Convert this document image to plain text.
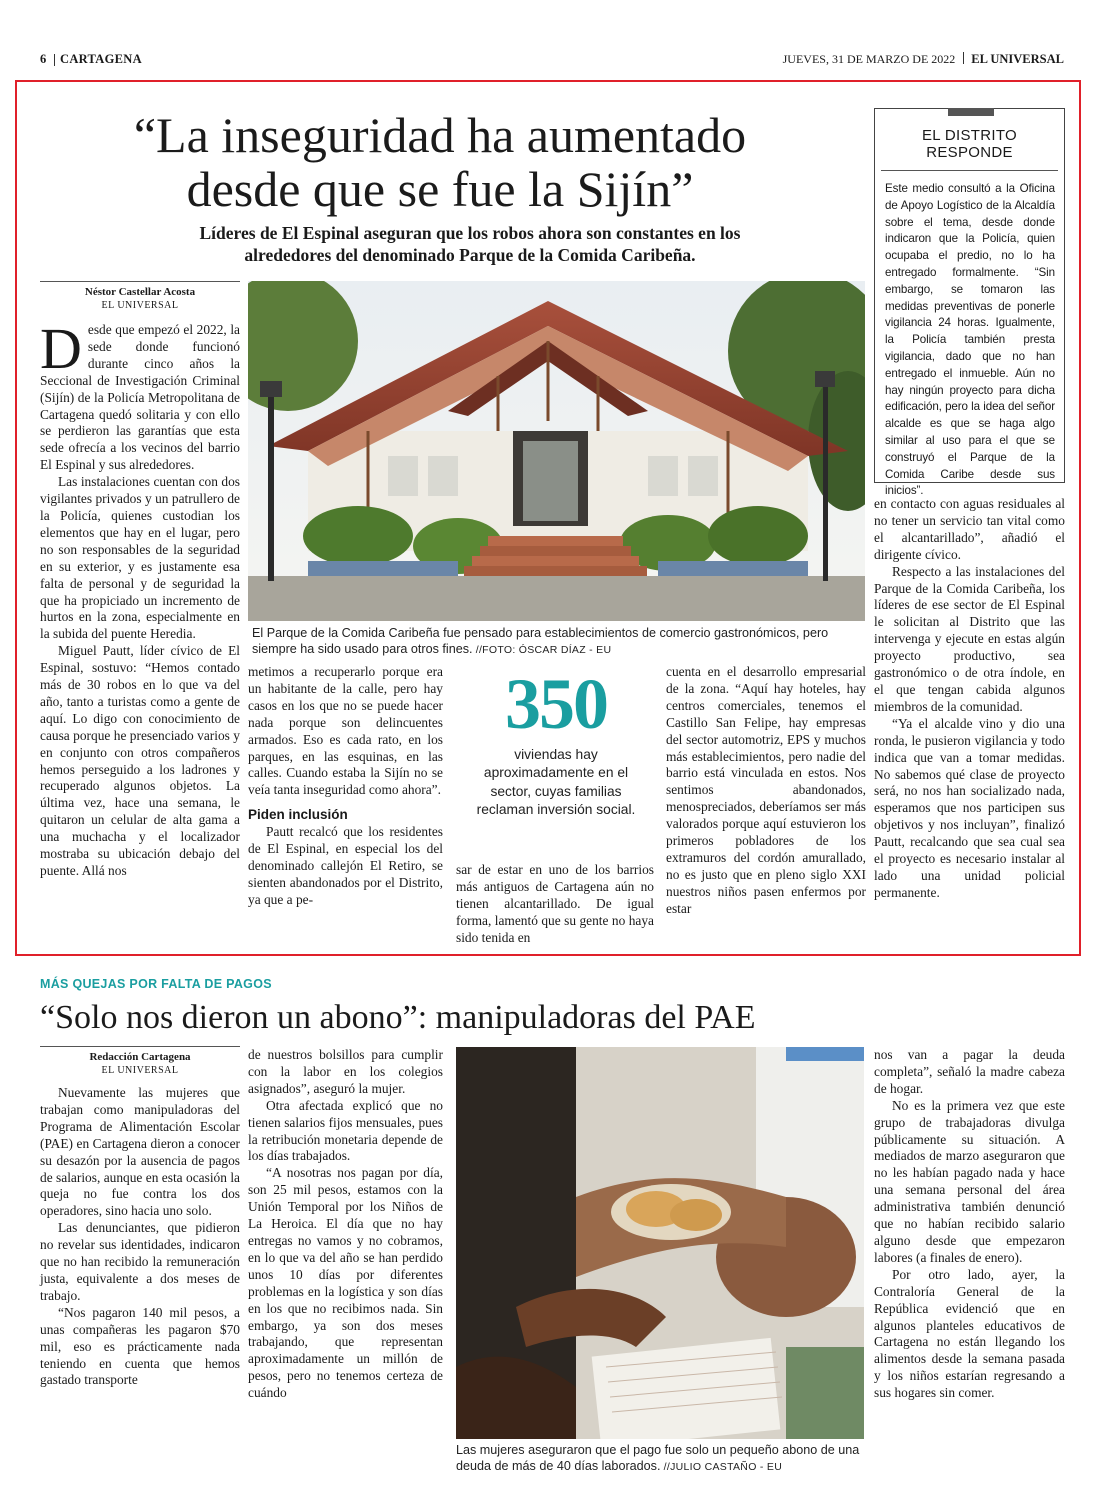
6 CARTAGENA	JUEVES, 31 DE MARZO DE 2022 EL UNIVERSAL
“La inseguridad ha aumentado
desde que se fue la Sijín”
Líderes de El Espinal aseguran que los robos ahora son constantes en los
alrededores del denominado Parque de la Comida Caribeña.
EL DISTRITO
RESPONDE
Este medio consultó a la Oficina de Apoyo Logístico de la Alcaldía sobre el tema, desde donde indicaron que la Policía, quien ocupaba el predio, no lo ha entregado formalmente. “Sin embargo, se tomaron las medidas preventivas de ponerle vigilancia 24 horas. Igualmente, la Policía también presta vigilancia, dado que no han entregado el inmueble. Aún no hay ningún proyecto para dicha edificación, pero la idea del señor alcalde es que se haga algo similar al uso para el que se construyó el Parque de la Comida Caribe desde sus inicios”.
Néstor Castellar Acosta
EL UNIVERSAL

Desde que empezó el 2022, la sede donde funcionó durante cinco años la Seccional de Investigación Criminal (Sijín) de la Policía Metropolitana de Cartagena quedó solitaria y con ello se perdieron las garantías que esta sede ofrecía a los vecinos del barrio El Espinal y sus alrededores.

Las instalaciones cuentan con dos vigilantes privados y un patrullero de la Policía, quienes custodian los elementos que hay en el lugar, pero no son responsables de la seguridad en su exterior, y es justamente esa falta de personal y de seguridad la que ha propiciado un incremento de hurtos en la zona, especialmente en la subida del puente Heredia.

Miguel Pautt, líder cívico de El Espinal, sostuvo: “Hemos contado más de 30 robos en lo que va del año, tanto a turistas como a gente de aquí. Lo digo con conocimiento de causa porque he presenciado varios y en conjunto con otros compañeros hemos perseguido a los ladrones y recuperado algunos objetos. La última vez, hace una semana, le quitaron un celular de alta gama a una muchacha y el localizador mostraba su ubicación debajo del puente. Allá nos

El Parque de la Comida Caribeña fue pensado para establecimientos de comercio gastronómicos, pero siempre ha sido usado para otros fines. //FOTO: ÓSCAR DÍAZ - EU

metimos a recuperarlo porque era un habitante de la calle, pero hay casos en los que no se puede hacer nada porque son delincuentes armados. Eso es cada rato, en los parques, en las esquinas, en las calles. Cuando estaba la Sijín no se veía tanta inseguridad como ahora”.

Piden inclusión

Pautt recalcó que los residentes de El Espinal, en especial los del denominado callejón El Retiro, se sienten abandonados por el Distrito, ya que a pe-

350
viviendas hay aproximadamente en el sector, cuyas familias reclaman inversión social.

sar de estar en uno de los barrios más antiguos de Cartagena aún no tienen alcantarillado. De igual forma, lamentó que su gente no haya sido tenida en

cuenta en el desarrollo empresarial de la zona. “Aquí hay hoteles, hay centros comerciales, tenemos el Castillo San Felipe, hay empresas del sector automotriz, EPS y muchos más establecimientos, pero nadie del barrio está vinculada en estos. Nos sentimos abandonados, menospreciados, deberíamos ser más valorados porque aquí estuvieron los primeros pobladores de los extramuros del cordón amurallado, no es justo que en pleno siglo XXI nuestros niños pasen enfermos por estar

en contacto con aguas residuales al no tener un servicio tan vital como el alcantarillado”, añadió el dirigente cívico.

Respecto a las instalaciones del Parque de la Comida Caribeña, los líderes de ese sector de El Espinal le solicitan al Distrito que las intervenga y ejecute en estas algún proyecto productivo, sea gastronómico o de otra índole, en el que tengan cabida algunos miembros de la comunidad.

“Ya el alcalde vino y dio una ronda, le pusieron vigilancia y todo indica que van a tomar medidas. No sabemos qué clase de proyecto será, no nos han socializado nada, esperamos que nos participen sus objetivos y nos incluyan”, finalizó Pautt, recalcando que sea cual sea el proyecto es necesario instalar al lado una unidad policial permanente.

MÁS QUEJAS POR FALTA DE PAGOS
“Solo nos dieron un abono”: manipuladoras del PAE
Redacción Cartagena
EL UNIVERSAL

Nuevamente las mujeres que trabajan como manipuladoras del Programa de Alimentación Escolar (PAE) en Cartagena dieron a conocer su desazón por la ausencia de pagos de salarios, aunque en esta ocasión la queja no fue contra los dos operadores, sino hacia uno solo.

Las denunciantes, que pidieron no revelar sus identidades, indicaron que no han recibido la remuneración justa, equivalente a dos meses de trabajo.

“Nos pagaron 140 mil pesos, a unas compañeras les pagaron $70 mil, eso es prácticamente nada teniendo en cuenta que hemos gastado transporte

de nuestros bolsillos para cumplir con la labor en los colegios asignados”, aseguró la mujer.

Otra afectada explicó que no tienen salarios fijos mensuales, pues la retribución monetaria depende de los días trabajados.

“A nosotras nos pagan por día, son 25 mil pesos, estamos con la Unión Temporal por los Niños de La Heroica. El día que no hay entregas no vamos y no cobramos, en lo que va del año se han perdido unos 10 días por diferentes problemas en la logística y son días en los que no recibimos nada. Sin embargo, ya son dos meses trabajando, que representan aproximadamente un millón de pesos, pero no tenemos certeza de cuándo

Las mujeres aseguraron que el pago fue solo un pequeño abono de una deuda de más de 40 días laborados. //JULIO CASTAÑO - EU

nos van a pagar la deuda completa”, señaló la madre cabeza de hogar.

No es la primera vez que este grupo de trabajadoras divulga públicamente su situación. A mediados de marzo aseguraron que no les habían pagado nada y hace una semana personal del área administrativa también denunció que no habían recibido salario alguno desde que empezaron labores (a finales de enero).

Por otro lado, ayer, la Contraloría General de la República evidenció que en algunos planteles educativos de Cartagena no están llegando los alimentos desde la semana pasada y los niños estarían regresando a sus hogares sin comer.
